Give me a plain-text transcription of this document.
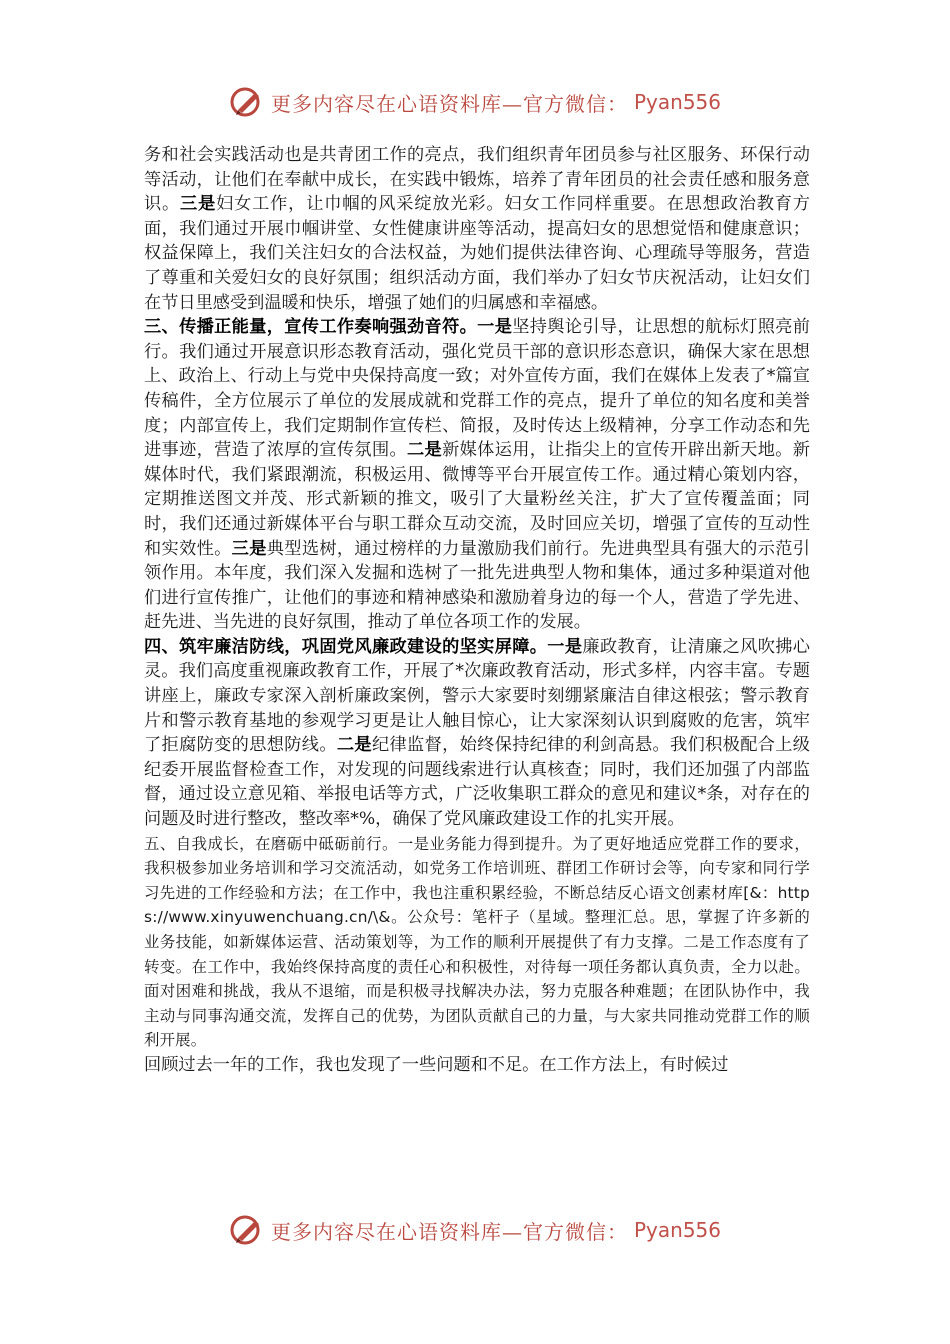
更多内容尽在心语资料库—官方微信： Pyan556

务和社会实践活动也是共青团工作的亮点，我们组织青年团员参与社区服务、环保行动等活动，让他们在奉献中成长，在实践中锻炼，培养了青年团员的社会责任感和服务意识。三是妇女工作，让巾帼的风采绽放光彩。妇女工作同样重要。在思想政治教育方面，我们通过开展巾帼讲堂、女性健康讲座等活动，提高妇女的思想觉悟和健康意识；权益保障上，我们关注妇女的合法权益，为她们提供法律咨询、心理疏导等服务，营造了尊重和关爱妇女的良好氛围；组织活动方面，我们举办了妇女节庆祝活动，让妇女们在节日里感受到温暖和快乐，增强了她们的归属感和幸福感。

三、传播正能量，宣传工作奏响强劲音符。一是坚持舆论引导，让思想的航标灯照亮前行。我们通过开展意识形态教育活动，强化党员干部的意识形态意识，确保大家在思想上、政治上、行动上与党中央保持高度一致；对外宣传方面，我们在媒体上发表了*篇宣传稿件，全方位展示了单位的发展成就和党群工作的亮点，提升了单位的知名度和美誉度；内部宣传上，我们定期制作宣传栏、简报，及时传达上级精神，分享工作动态和先进事迹，营造了浓厚的宣传氛围。二是新媒体运用，让指尖上的宣传开辟出新天地。新媒体时代，我们紧跟潮流，积极运用、微博等平台开展宣传工作。通过精心策划内容，定期推送图文并茂、形式新颖的推文，吸引了大量粉丝关注，扩大了宣传覆盖面；同时，我们还通过新媒体平台与职工群众互动交流，及时回应关切，增强了宣传的互动性和实效性。三是典型选树，通过榜样的力量激励我们前行。先进典型具有强大的示范引领作用。本年度，我们深入发掘和选树了一批先进典型人物和集体，通过多种渠道对他们进行宣传推广，让他们的事迹和精神感染和激励着身边的每一个人，营造了学先进、赶先进、当先进的良好氛围，推动了单位各项工作的发展。

四、筑牢廉洁防线，巩固党风廉政建设的坚实屏障。一是廉政教育，让清廉之风吹拂心灵。我们高度重视廉政教育工作，开展了*次廉政教育活动，形式多样，内容丰富。专题讲座上，廉政专家深入剖析廉政案例，警示大家要时刻绷紧廉洁自律这根弦；警示教育片和警示教育基地的参观学习更是让人触目惊心，让大家深刻认识到腐败的危害，筑牢了拒腐防变的思想防线。二是纪律监督，始终保持纪律的利剑高悬。我们积极配合上级纪委开展监督检查工作，对发现的问题线索进行认真核查；同时，我们还加强了内部监督，通过设立意见箱、举报电话等方式，广泛收集职工群众的意见和建议*条，对存在的问题及时进行整改，整改率*%，确保了党风廉政建设工作的扎实开展。

五、自我成长，在磨砺中砥砺前行。一是业务能力得到提升。为了更好地适应党群工作的要求，我积极参加业务培训和学习交流活动，如党务工作培训班、群团工作研讨会等，向专家和同行学习先进的工作经验和方法；在工作中，我也注重积累经验，不断总结反心语文创素材库[&：https://www.xinyuwenchuang.cn/\&。公众号：笔杆子（星域。整理汇总。思，掌握了许多新的业务技能，如新媒体运营、活动策划等，为工作的顺利开展提供了有力支撑。二是工作态度有了转变。在工作中，我始终保持高度的责任心和积极性，对待每一项任务都认真负责，全力以赴。面对困难和挑战，我从不退缩，而是积极寻找解决办法，努力克服各种难题；在团队协作中，我主动与同事沟通交流，发挥自己的优势，为团队贡献自己的力量，与大家共同推动党群工作的顺利开展。

回顾过去一年的工作，我也发现了一些问题和不足。在工作方法上，有时候过

更多内容尽在心语资料库—官方微信： Pyan556
